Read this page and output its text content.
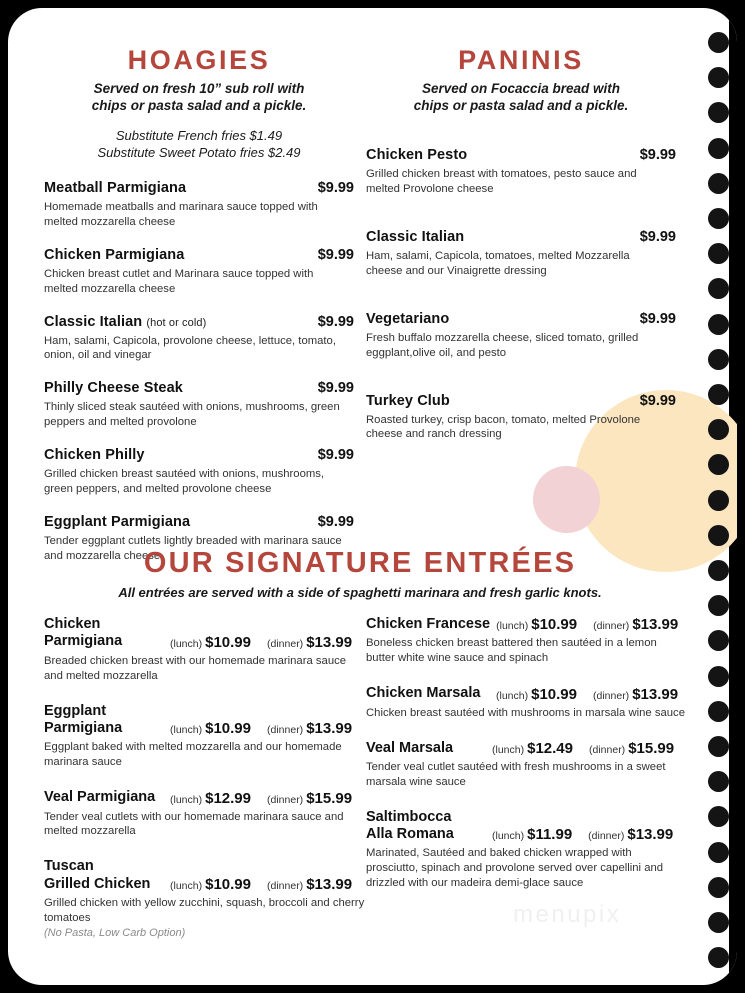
menupix
HOAGIES
Served on fresh 10” sub roll with
chips or pasta salad and a pickle.
Substitute French fries $1.49
Substitute Sweet Potato fries $2.49
Meatball Parmigiana	$9.99
Homemade meatballs and marinara sauce topped with melted mozzarella cheese
Chicken Parmigiana	$9.99
Chicken breast cutlet and Marinara sauce topped with melted mozzarella cheese
Classic Italian (hot or cold)	$9.99
Ham, salami, Capicola, provolone cheese, lettuce, tomato, onion, oil and vinegar
Philly Cheese Steak	$9.99
Thinly sliced steak sautéed with onions, mushrooms, green peppers and melted provolone
Chicken Philly	$9.99
Grilled chicken breast sautéed with onions, mushrooms, green peppers, and melted provolone cheese
Eggplant Parmigiana	$9.99
Tender eggplant cutlets lightly breaded with marinara sauce and mozzarella cheese
PANINIS
Served on Focaccia bread with
chips or pasta salad and a pickle.
Chicken Pesto	$9.99
Grilled chicken breast with tomatoes, pesto sauce and melted Provolone cheese
Classic Italian	$9.99
Ham, salami, Capicola, tomatoes, melted Mozzarella cheese and our Vinaigrette dressing
Vegetariano	$9.99
Fresh buffalo mozzarella cheese, sliced tomato, grilled eggplant,olive oil, and pesto
Turkey Club	$9.99
Roasted turkey, crisp bacon, tomato, melted Provolone cheese and ranch dressing
OUR SIGNATURE ENTRÉES
All entrées are served with a side of spaghetti marinara and fresh garlic knots.
Chicken
Parmigiana	(lunch) $10.99 (dinner) $13.99
Breaded chicken breast with our homemade marinara sauce and melted mozzarella
Eggplant
Parmigiana	(lunch) $10.99 (dinner) $13.99
Eggplant baked with melted mozzarella and our homemade marinara sauce
Veal Parmigiana	(lunch) $12.99 (dinner) $15.99
Tender veal cutlets with our homemade marinara sauce and melted mozzarella
Tuscan
Grilled Chicken	(lunch) $10.99 (dinner) $13.99
Grilled chicken with yellow zucchini, squash, broccoli and cherry tomatoes
(No Pasta, Low Carb Option)
Chicken Francese (lunch) $10.99 (dinner) $13.99
Boneless chicken breast battered then sautéed in a lemon butter white wine sauce and spinach
Chicken Marsala	(lunch) $10.99 (dinner) $13.99
Chicken breast sautéed with mushrooms in marsala wine sauce
Veal Marsala	(lunch) $12.49 (dinner) $15.99
Tender veal cutlet sautéed with fresh mushrooms in a sweet marsala wine sauce
Saltimbocca
Alla Romana	(lunch) $11.99 (dinner) $13.99
Marinated, Sautéed and baked chicken wrapped with prosciutto, spinach and provolone served over capellini and drizzled with our madeira demi-glace sauce
